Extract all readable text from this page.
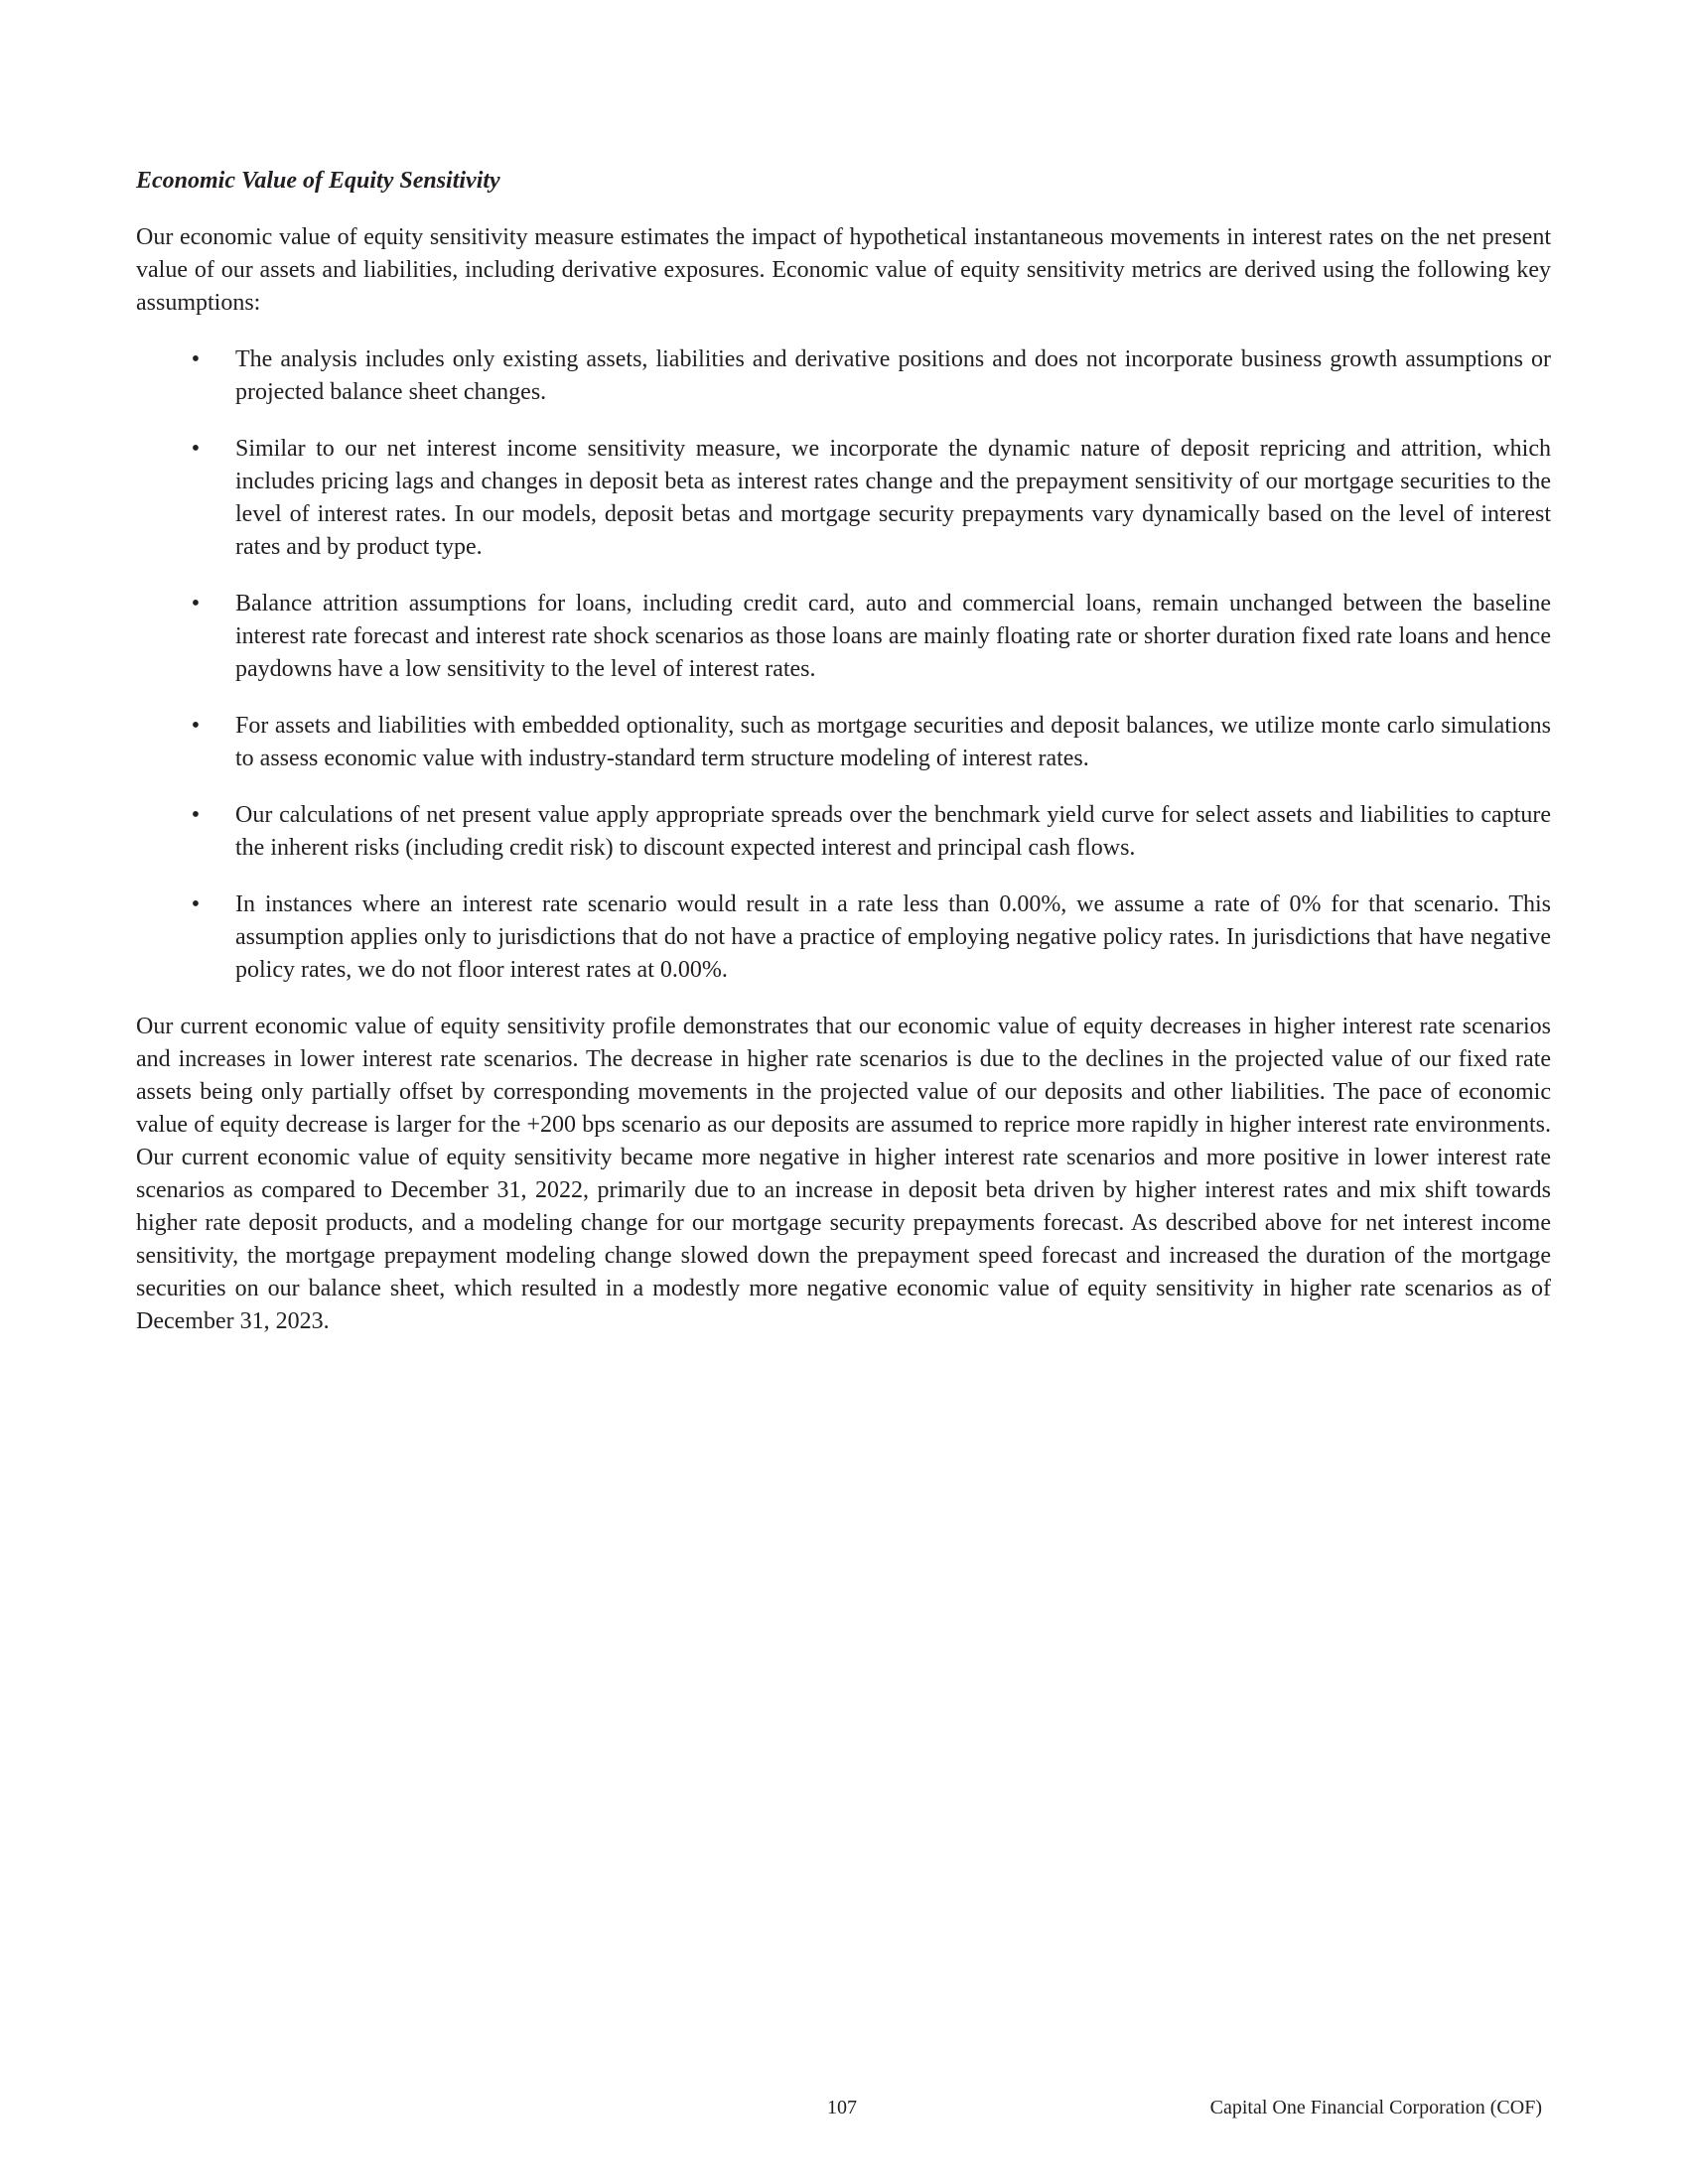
Economic Value of Equity Sensitivity

Our economic value of equity sensitivity measure estimates the impact of hypothetical instantaneous movements in interest rates on the net present value of our assets and liabilities, including derivative exposures. Economic value of equity sensitivity metrics are derived using the following key assumptions:

• The analysis includes only existing assets, liabilities and derivative positions and does not incorporate business growth assumptions or projected balance sheet changes.
• Similar to our net interest income sensitivity measure, we incorporate the dynamic nature of deposit repricing and attrition, which includes pricing lags and changes in deposit beta as interest rates change and the prepayment sensitivity of our mortgage securities to the level of interest rates. In our models, deposit betas and mortgage security prepayments vary dynamically based on the level of interest rates and by product type.
• Balance attrition assumptions for loans, including credit card, auto and commercial loans, remain unchanged between the baseline interest rate forecast and interest rate shock scenarios as those loans are mainly floating rate or shorter duration fixed rate loans and hence paydowns have a low sensitivity to the level of interest rates.
• For assets and liabilities with embedded optionality, such as mortgage securities and deposit balances, we utilize monte carlo simulations to assess economic value with industry-standard term structure modeling of interest rates.
• Our calculations of net present value apply appropriate spreads over the benchmark yield curve for select assets and liabilities to capture the inherent risks (including credit risk) to discount expected interest and principal cash flows.
• In instances where an interest rate scenario would result in a rate less than 0.00%, we assume a rate of 0% for that scenario. This assumption applies only to jurisdictions that do not have a practice of employing negative policy rates. In jurisdictions that have negative policy rates, we do not floor interest rates at 0.00%.

Our current economic value of equity sensitivity profile demonstrates that our economic value of equity decreases in higher interest rate scenarios and increases in lower interest rate scenarios. The decrease in higher rate scenarios is due to the declines in the projected value of our fixed rate assets being only partially offset by corresponding movements in the projected value of our deposits and other liabilities. The pace of economic value of equity decrease is larger for the +200 bps scenario as our deposits are assumed to reprice more rapidly in higher interest rate environments. Our current economic value of equity sensitivity became more negative in higher interest rate scenarios and more positive in lower interest rate scenarios as compared to December 31, 2022, primarily due to an increase in deposit beta driven by higher interest rates and mix shift towards higher rate deposit products, and a modeling change for our mortgage security prepayments forecast. As described above for net interest income sensitivity, the mortgage prepayment modeling change slowed down the prepayment speed forecast and increased the duration of the mortgage securities on our balance sheet, which resulted in a modestly more negative economic value of equity sensitivity in higher rate scenarios as of December 31, 2023.

107	Capital One Financial Corporation (COF)
